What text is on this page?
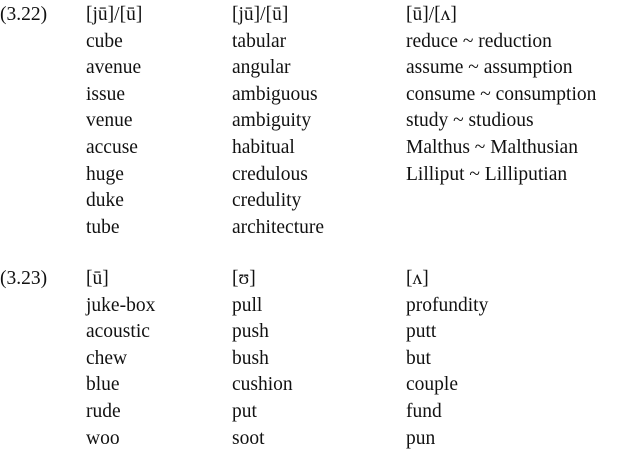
(3.22) [jū]/[ū]
cube
avenue
issue
venue
accuse
huge
duke
tube
[jū]/[ū]
tabular
angular
ambiguous
ambiguity
habitual
credulous
credulity
architecture
[ū]/[ʌ]
reduce ~ reduction
assume ~ assumption
consume ~ consumption
study ~ studious
Malthus ~ Malthusian
Lilliput ~ Lilliputian
(3.23) [ū]
juke-box
acoustic
chew
blue
rude
woo
[ʊ]
pull
push
bush
cushion
put
soot
[ʌ]
profundity
putt
but
couple
fund
pun
